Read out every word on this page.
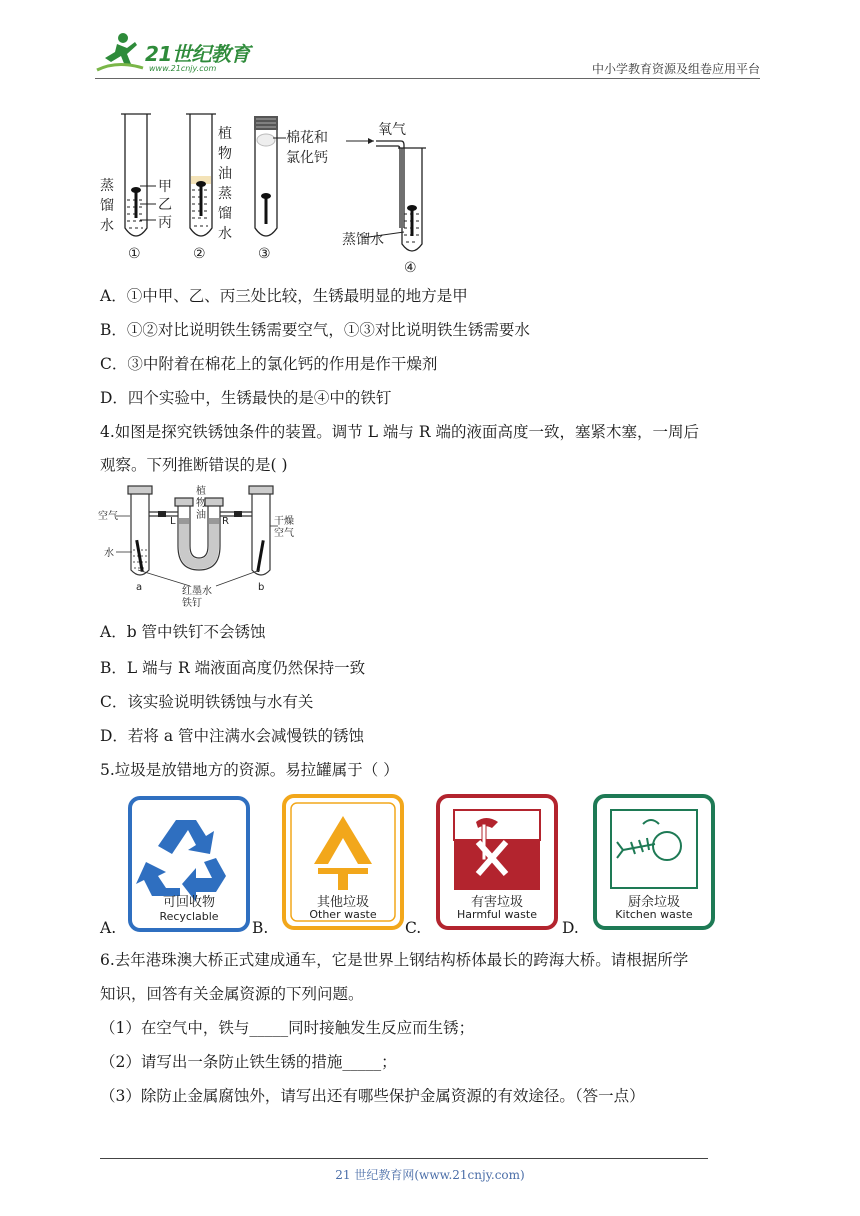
21世纪教育
www.21cnjy.com	中小学教育资源及组卷应用平台
蒸
馏
水
甲
乙
丙
①
植
物
油
蒸
馏
水
②
棉花和
氯化钙
③
氧气
蒸馏水
④
A．①中甲、乙、丙三处比较，生锈最明显的地方是甲
B．①②对比说明铁生锈需要空气，①③对比说明铁生锈需要水
C．③中附着在棉花上的氯化钙的作用是作干燥剂
D．四个实验中，生锈最快的是④中的铁钉
4.如图是探究铁锈蚀条件的装置。调节 L 端与 R 端的液面高度一致，塞紧木塞，一周后
观察。下列推断错误的是( )
空气
水
植
物
油
L	R	干燥
空气
a	b
红墨水
铁钉
A．b 管中铁钉不会锈蚀
B．L 端与 R 端液面高度仍然保持一致
C．该实验说明铁锈蚀与水有关
D．若将 a 管中注满水会减慢铁的锈蚀
5.垃圾是放错地方的资源。易拉罐属于（ ）
A.	B.	C.	D.
可回收物
Recyclable
其他垃圾
Other waste
有害垃圾
Harmful waste
厨余垃圾
Kitchen waste
6.去年港珠澳大桥正式建成通车，它是世界上钢结构桥体最长的跨海大桥。请根据所学
知识，回答有关金属资源的下列问题。
（1）在空气中，铁与_____同时接触发生反应而生锈；
（2）请写出一条防止铁生锈的措施_____；
（3）除防止金属腐蚀外，请写出还有哪些保护金属资源的有效途径。（答一点）
21 世纪教育网(www.21cnjy.com)
